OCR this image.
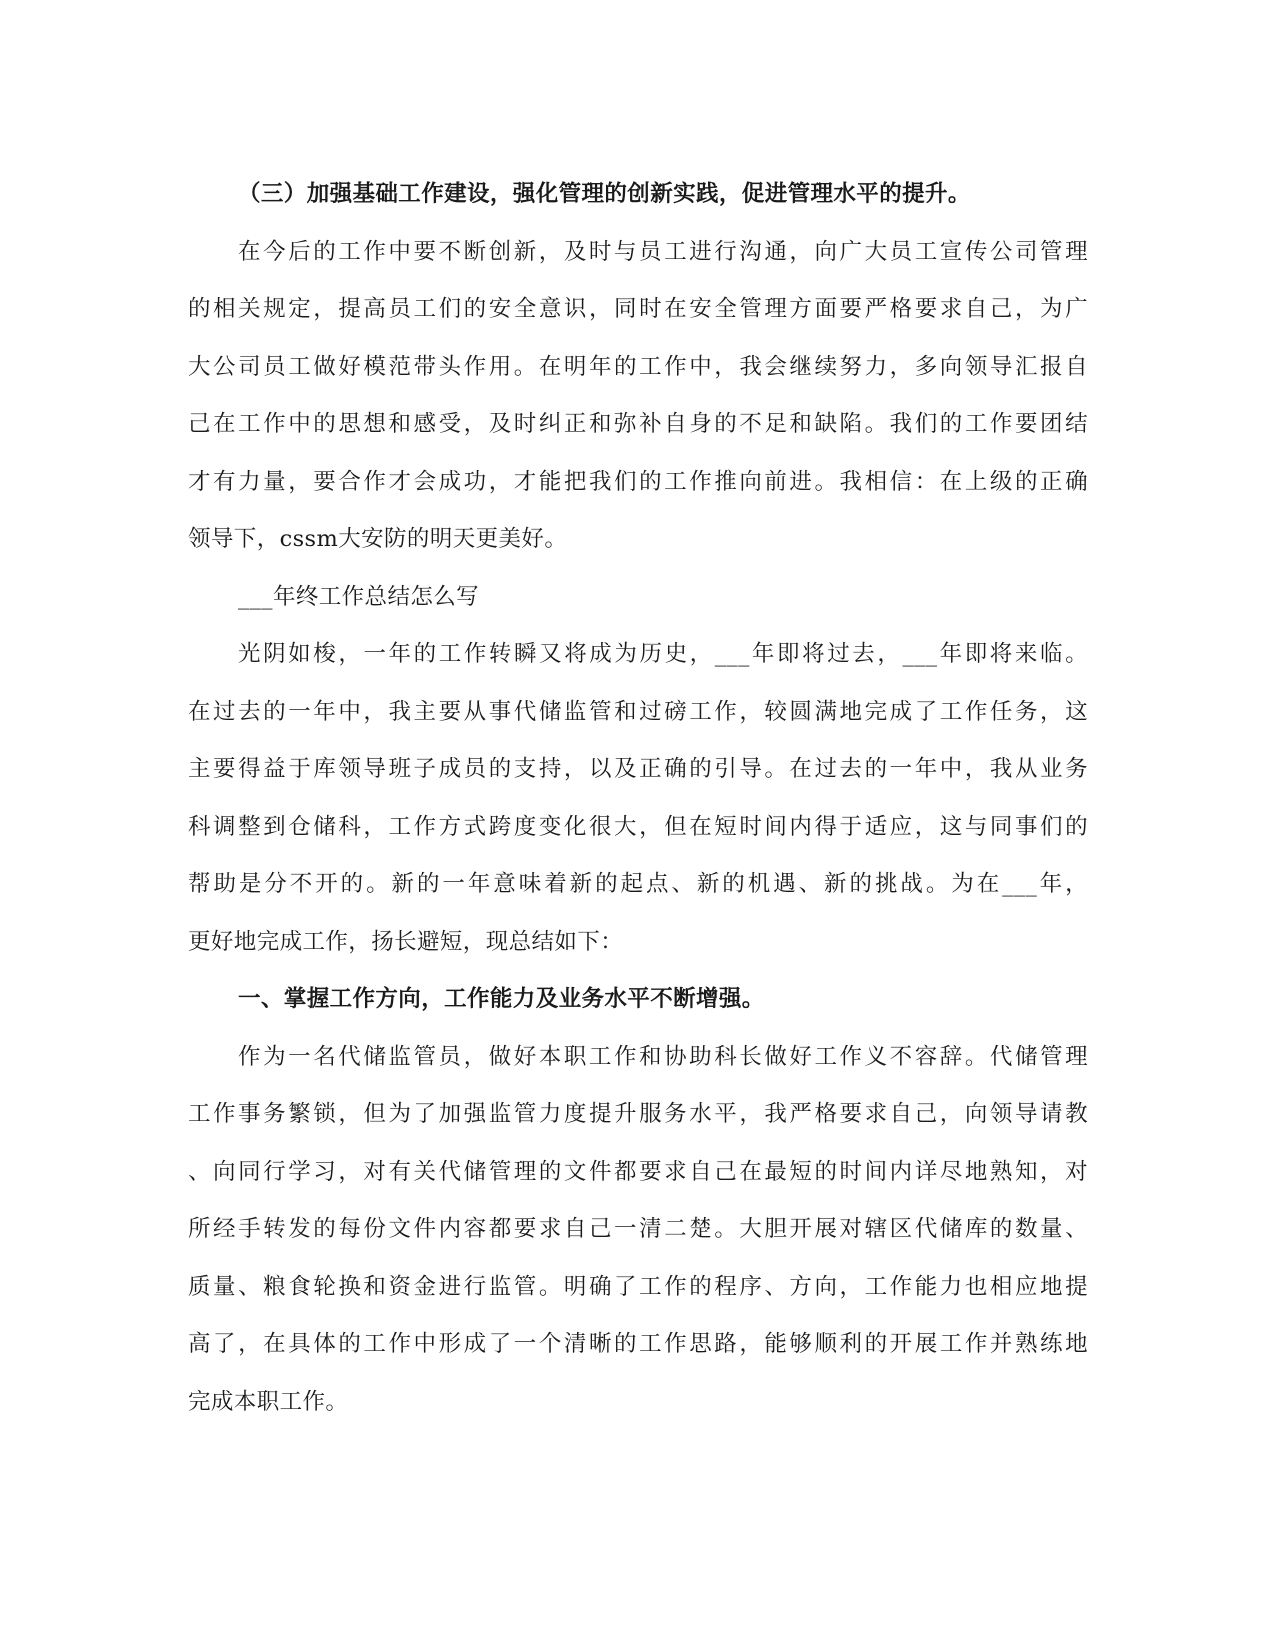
（三）加强基础工作建设，强化管理的创新实践，促进管理水平的提升。
在今后的工作中要不断创新，及时与员工进行沟通，向广大员工宣传公司管理
的相关规定，提高员工们的安全意识，同时在安全管理方面要严格要求自己，为广
大公司员工做好模范带头作用。在明年的工作中，我会继续努力，多向领导汇报自
己在工作中的思想和感受，及时纠正和弥补自身的不足和缺陷。我们的工作要团结
才有力量，要合作才会成功，才能把我们的工作推向前进。我相信：在上级的正确
领导下，cssm大安防的明天更美好。
___年终工作总结怎么写
光阴如梭，一年的工作转瞬又将成为历史，___年即将过去，___年即将来临。
在过去的一年中，我主要从事代储监管和过磅工作，较圆满地完成了工作任务，这
主要得益于库领导班子成员的支持，以及正确的引导。在过去的一年中，我从业务
科调整到仓储科，工作方式跨度变化很大，但在短时间内得于适应，这与同事们的
帮助是分不开的。新的一年意味着新的起点、新的机遇、新的挑战。为在___年，
更好地完成工作，扬长避短，现总结如下：
一、掌握工作方向，工作能力及业务水平不断增强。
作为一名代储监管员，做好本职工作和协助科长做好工作义不容辞。代储管理
工作事务繁锁，但为了加强监管力度提升服务水平，我严格要求自己，向领导请教
、向同行学习，对有关代储管理的文件都要求自己在最短的时间内详尽地熟知，对
所经手转发的每份文件内容都要求自己一清二楚。大胆开展对辖区代储库的数量、
质量、粮食轮换和资金进行监管。明确了工作的程序、方向，工作能力也相应地提
高了，在具体的工作中形成了一个清晰的工作思路，能够顺利的开展工作并熟练地
完成本职工作。
